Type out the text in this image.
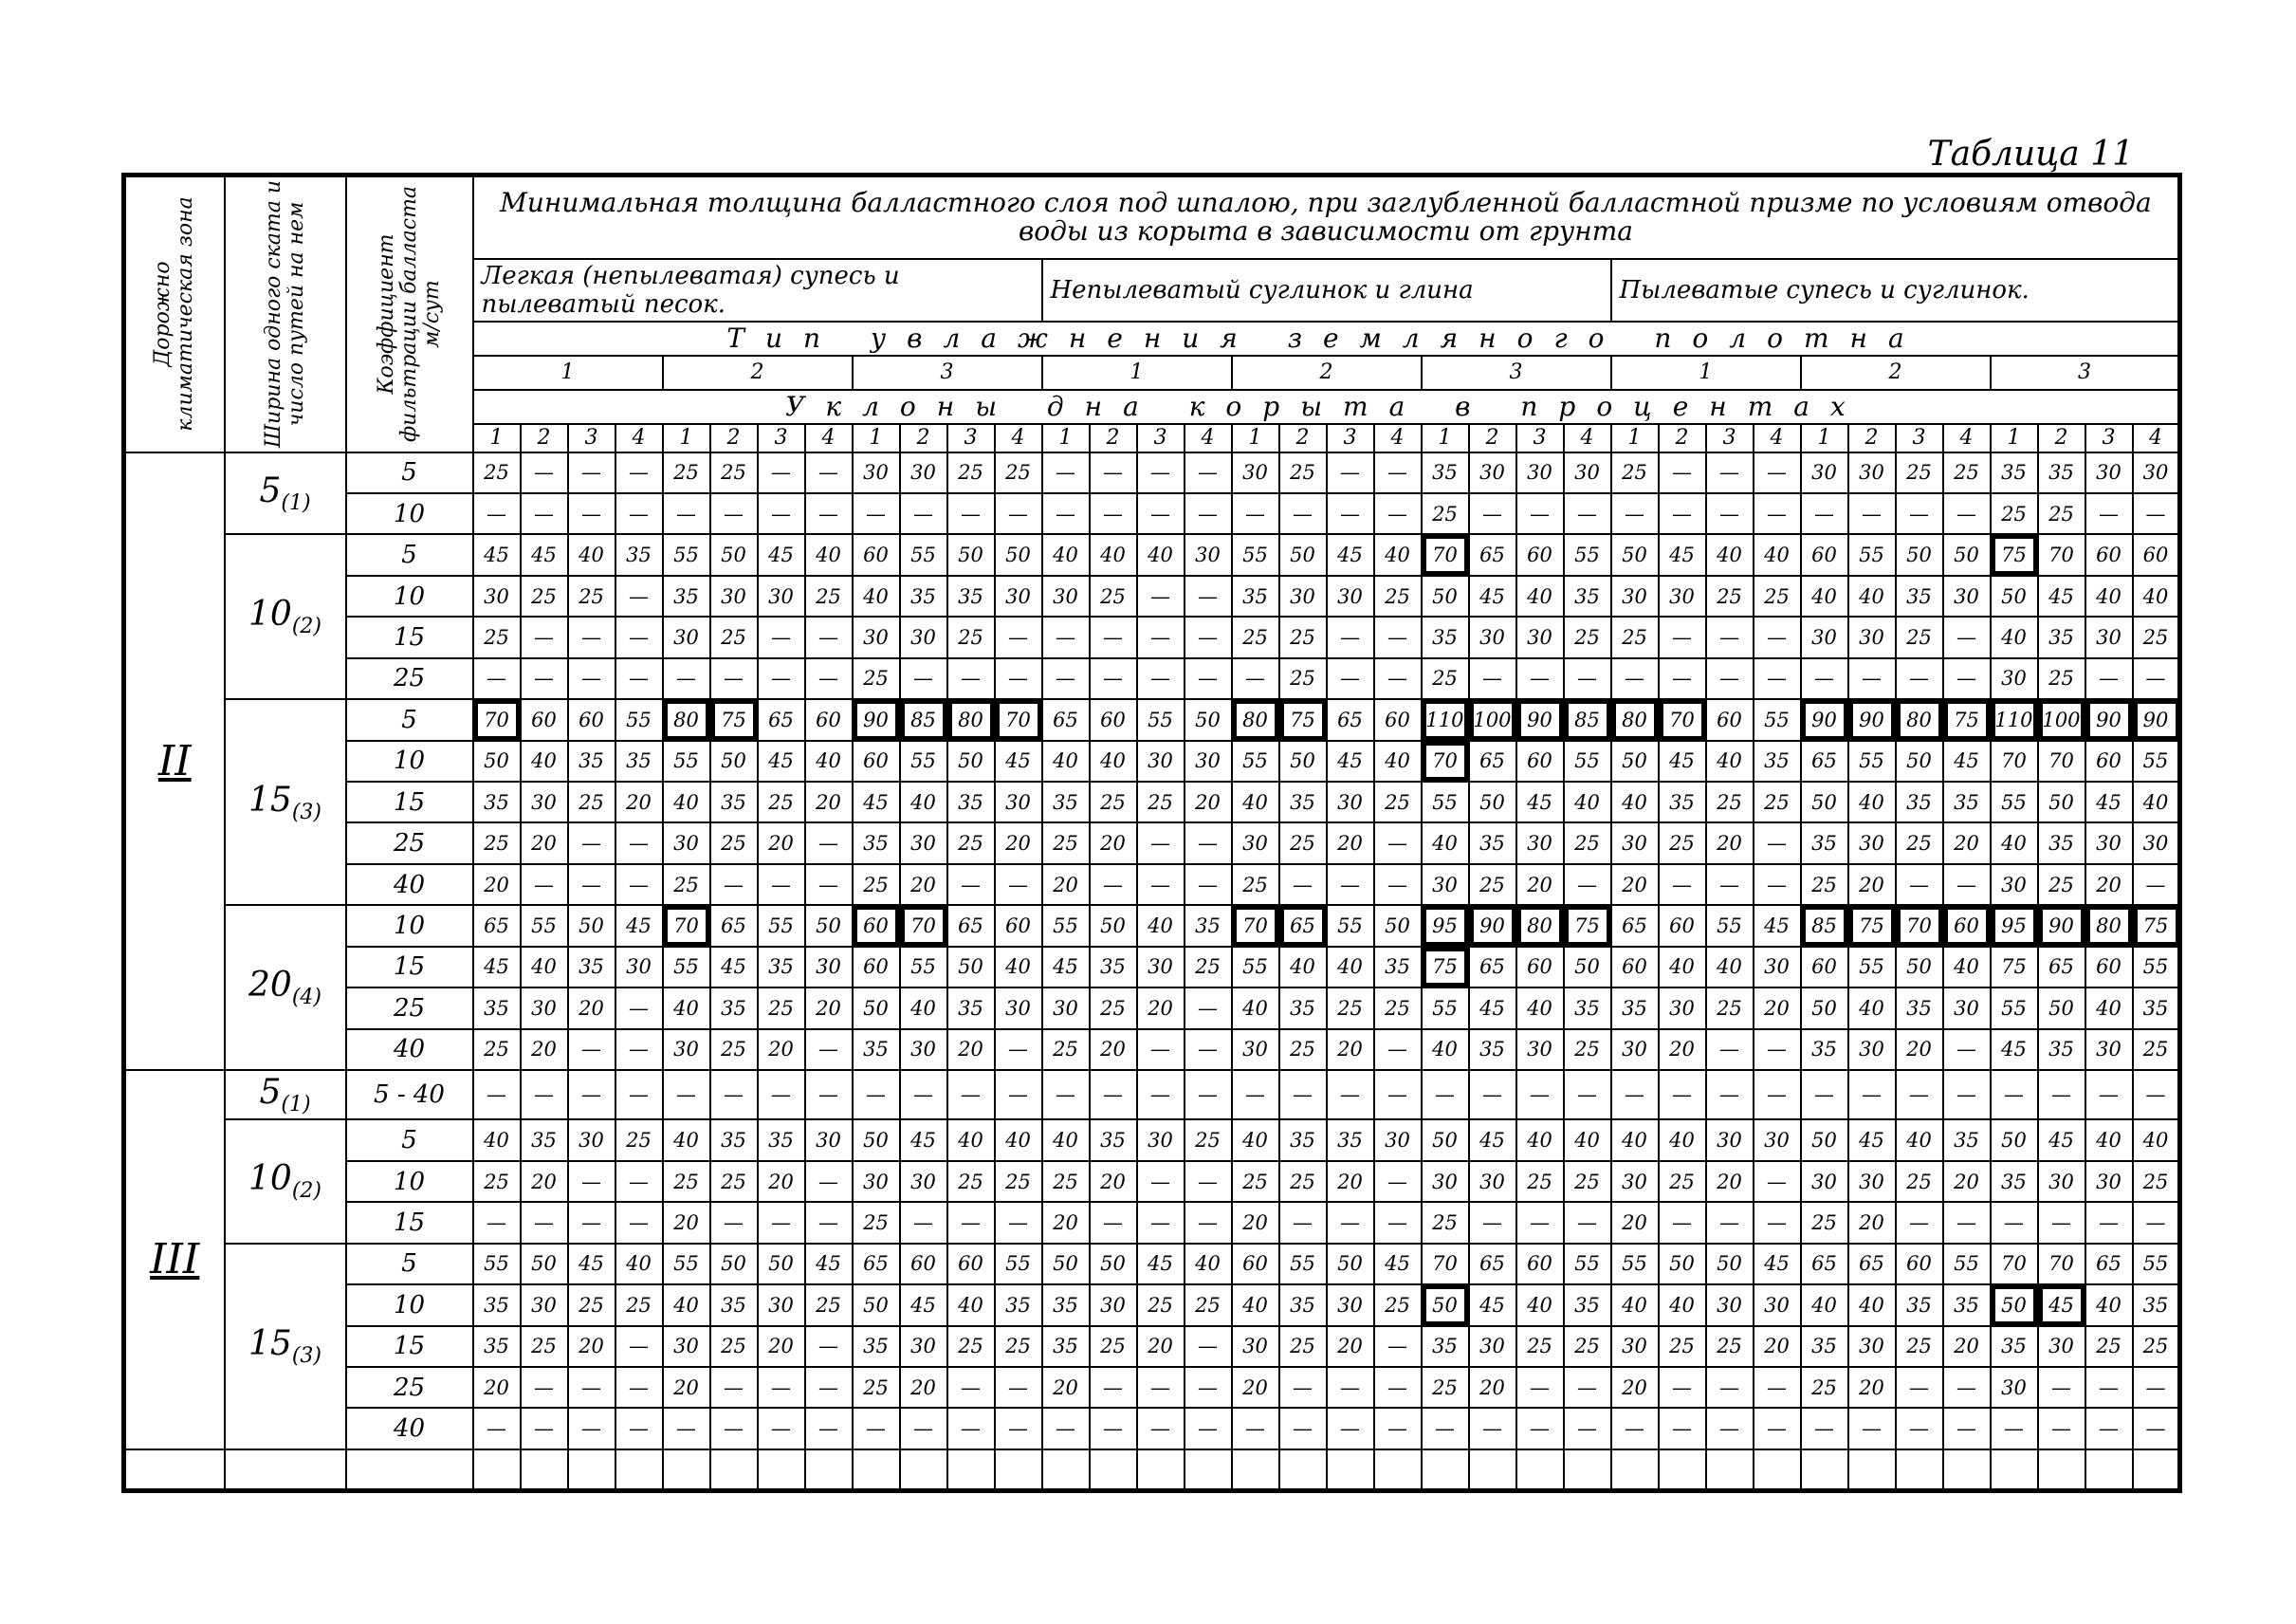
Таблица 11
Дорожно климатическая зона	Ширина одного ската и число путей на нем	Коэффициент фильтрации балласта м/сут	Минимальная толщина балластного слоя под шпалою, при заглубленной балластной призме по условиям отвода воды из корыта в зависимости от грунта																																			
			Легкая (непылеватая) супесь и пылеватый песок.												Непылеватый суглинок и глина												Пылеватые супесь и суглинок.											
			Тип увлажнения земляного полотна																																			
			1				2				3				1				2				3				1				2				3			
			Уклоны дна корыта в процентах																																			
			1	2	3	4	1	2	3	4	1	2	3	4	1	2	3	4	1	2	3	4	1	2	3	4	1	2	3	4	1	2	3	4	1	2	3	4
II	$5_{(1)}$	5	25	—	—	—	25	25	—	—	30	30	25	25	—	—	—	—	30	25	—	—	35	30	30	30	25	—	—	—	30	30	25	25	35	35	30	30
		10	—	—	—	—	—	—	—	—	—	—	—	—	—	—	—	—	—	—	—	—	25	—	—	—	—	—	—	—	—	—	—	—	25	25	—	—
	$10_{(2)}$	5	45	45	40	35	55	50	45	40	60	55	50	50	40	40	40	30	55	50	45	40	70	65	60	55	50	45	40	40	60	55	50	50	75	70	60	60
		10	30	25	25	—	35	30	30	25	40	35	35	30	30	25	—	—	35	30	30	25	50	45	40	35	30	30	25	25	40	40	35	30	50	45	40	40
		15	25	—	—	—	30	25	—	—	30	30	25	—	—	—	—	—	25	25	—	—	35	30	30	25	25	—	—	—	30	30	25	—	40	35	30	25
		25	—	—	—	—	—	—	—	—	25	—	—	—	—	—	—	—	—	25	—	—	25	—	—	—	—	—	—	—	—	—	—	—	30	25	—	—
	$15_{(3)}$	5	70	60	60	55	80	75	65	60	90	85	80	70	65	60	55	50	80	75	65	60	110	100	90	85	80	70	60	55	90	90	80	75	110	100	90	90
		10	50	40	35	35	55	50	45	40	60	55	50	45	40	40	30	30	55	50	45	40	70	65	60	55	50	45	40	35	65	55	50	45	70	70	60	55
		15	35	30	25	20	40	35	25	20	45	40	35	30	35	25	25	20	40	35	30	25	55	50	45	40	40	35	25	25	50	40	35	35	55	50	45	40
		25	25	20	—	—	30	25	20	—	35	30	25	20	25	20	—	—	30	25	20	—	40	35	30	25	30	25	20	—	35	30	25	20	40	35	30	30
		40	20	—	—	—	25	—	—	—	25	20	—	—	20	—	—	—	25	—	—	—	30	25	20	—	20	—	—	—	25	20	—	—	30	25	20	—
	$20_{(4)}$	10	65	55	50	45	70	65	55	50	60	70	65	60	55	50	40	35	70	65	55	50	95	90	80	75	65	60	55	45	85	75	70	60	95	90	80	75
		15	45	40	35	30	55	45	35	30	60	55	50	40	45	35	30	25	55	40	40	35	75	65	60	50	60	40	40	30	60	55	50	40	75	65	60	55
		25	35	30	20	—	40	35	25	20	50	40	35	30	30	25	20	—	40	35	25	25	55	45	40	35	35	30	25	20	50	40	35	30	55	50	40	35
		40	25	20	—	—	30	25	20	—	35	30	20	—	25	20	—	—	30	25	20	—	40	35	30	25	30	20	—	—	35	30	20	—	45	35	30	25
III	$5_{(1)}$	5 - 40	—	—	—	—	—	—	—	—	—	—	—	—	—	—	—	—	—	—	—	—	—	—	—	—	—	—	—	—	—	—	—	—	—	—	—	—
	$10_{(2)}$	5	40	35	30	25	40	35	35	30	50	45	40	40	40	35	30	25	40	35	35	30	50	45	40	40	40	40	30	30	50	45	40	35	50	45	40	40
		10	25	20	—	—	25	25	20	—	30	30	25	25	25	20	—	—	25	25	20	—	30	30	25	25	30	25	20	—	30	30	25	20	35	30	30	25
		15	—	—	—	—	20	—	—	—	25	—	—	—	20	—	—	—	20	—	—	—	25	—	—	—	20	—	—	—	25	20	—	—	—	—	—	—
	$15_{(3)}$	5	55	50	45	40	55	50	50	45	65	60	60	55	50	50	45	40	60	55	50	45	70	65	60	55	55	50	50	45	65	65	60	55	70	70	65	55
		10	35	30	25	25	40	35	30	25	50	45	40	35	35	30	25	25	40	35	30	25	50	45	40	35	40	40	30	30	40	40	35	35	50	45	40	35
		15	35	25	20	—	30	25	20	—	35	30	25	25	35	25	20	—	30	25	20	—	35	30	25	25	30	25	25	20	35	30	25	20	35	30	25	25
		25	20	—	—	—	20	—	—	—	25	20	—	—	20	—	—	—	20	—	—	—	25	20	—	—	20	—	—	—	25	20	—	—	30	—	—	—
		40	—	—	—	—	—	—	—	—	—	—	—	—	—	—	—	—	—	—	—	—	—	—	—	—	—	—	—	—	—	—	—	—	—	—	—	—
